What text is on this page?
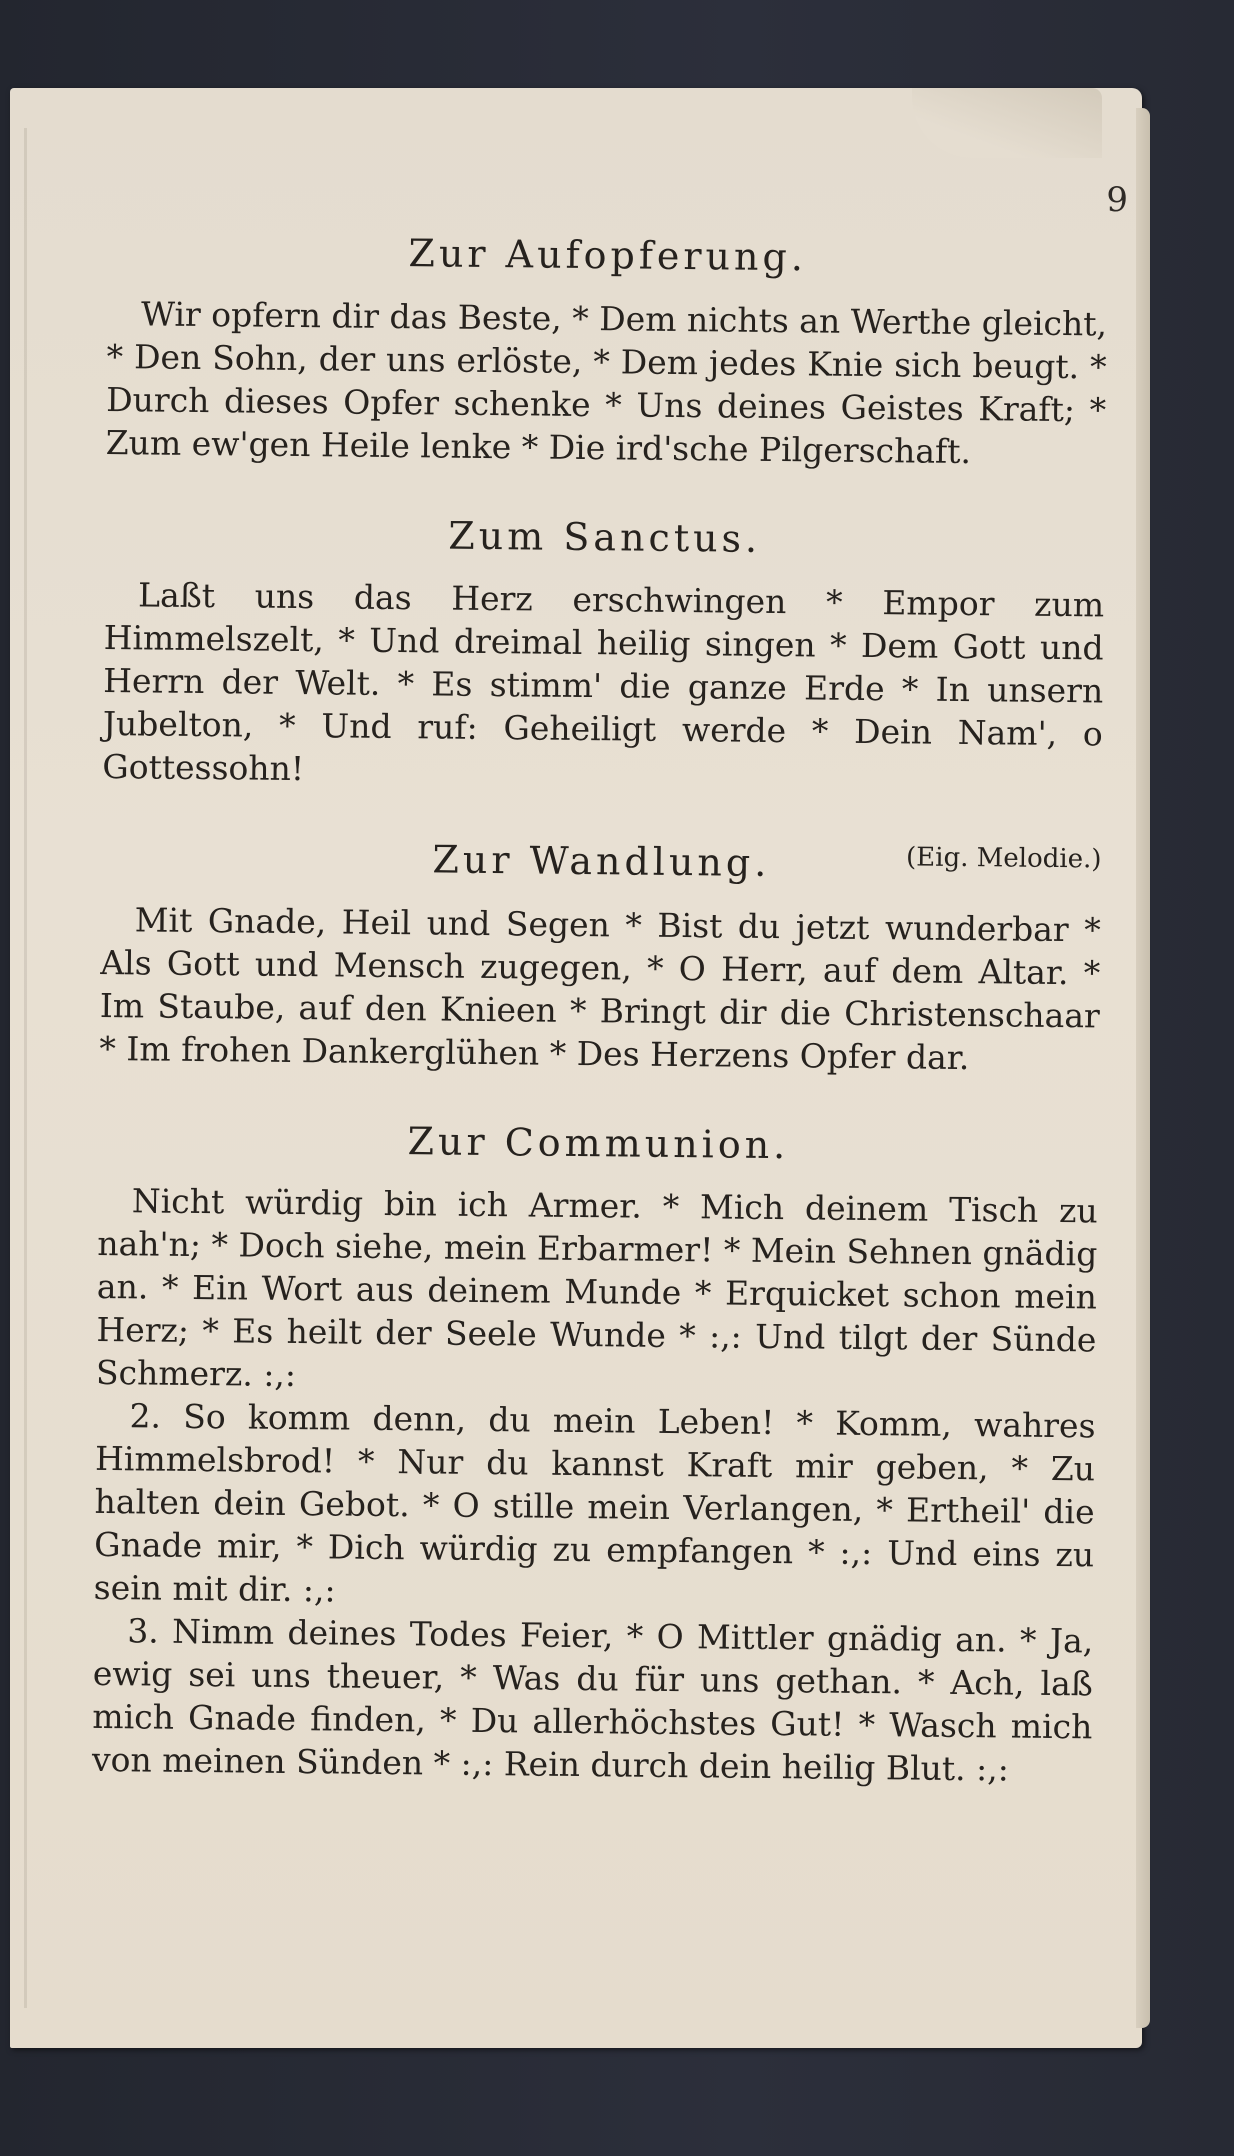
9
Zur Aufopferung.

Wir opfern dir das Beste, * Dem nichts an Werthe gleicht, * Den Sohn, der uns erlöste, * Dem jedes Knie sich beugt. * Durch dieses Opfer schenke * Uns deines Geistes Kraft; * Zum ew'gen Heile lenke * Die ird'sche Pilgerschaft.

Zum Sanctus.

Laßt uns das Herz erschwingen * Empor zum Himmelszelt, * Und dreimal heilig singen * Dem Gott und Herrn der Welt. * Es stimm' die ganze Erde * In unsern Jubelton, * Und ruf: Geheiligt werde * Dein Nam', o Gottessohn!

Zur Wandlung.	(Eig. Melodie.)

Mit Gnade, Heil und Segen * Bist du jetzt wunderbar * Als Gott und Mensch zugegen, * O Herr, auf dem Altar. * Im Staube, auf den Knieen * Bringt dir die Christenschaar * Im frohen Dankerglühen * Des Herzens Opfer dar.

Zur Communion.

Nicht würdig bin ich Armer. * Mich deinem Tisch zu nah'n; * Doch siehe, mein Erbarmer! * Mein Sehnen gnädig an. * Ein Wort aus deinem Munde * Erquicket schon mein Herz; * Es heilt der Seele Wunde * :,: Und tilgt der Sünde Schmerz. :,:

2. So komm denn, du mein Leben! * Komm, wahres Himmelsbrod! * Nur du kannst Kraft mir geben, * Zu halten dein Gebot. * O stille mein Verlangen, * Ertheil' die Gnade mir, * Dich würdig zu empfangen * :,: Und eins zu sein mit dir. :,:

3. Nimm deines Todes Feier, * O Mittler gnädig an. * Ja, ewig sei uns theuer, * Was du für uns gethan. * Ach, laß mich Gnade finden, * Du allerhöchstes Gut! * Wasch mich von meinen Sünden * :,: Rein durch dein heilig Blut. :,:
